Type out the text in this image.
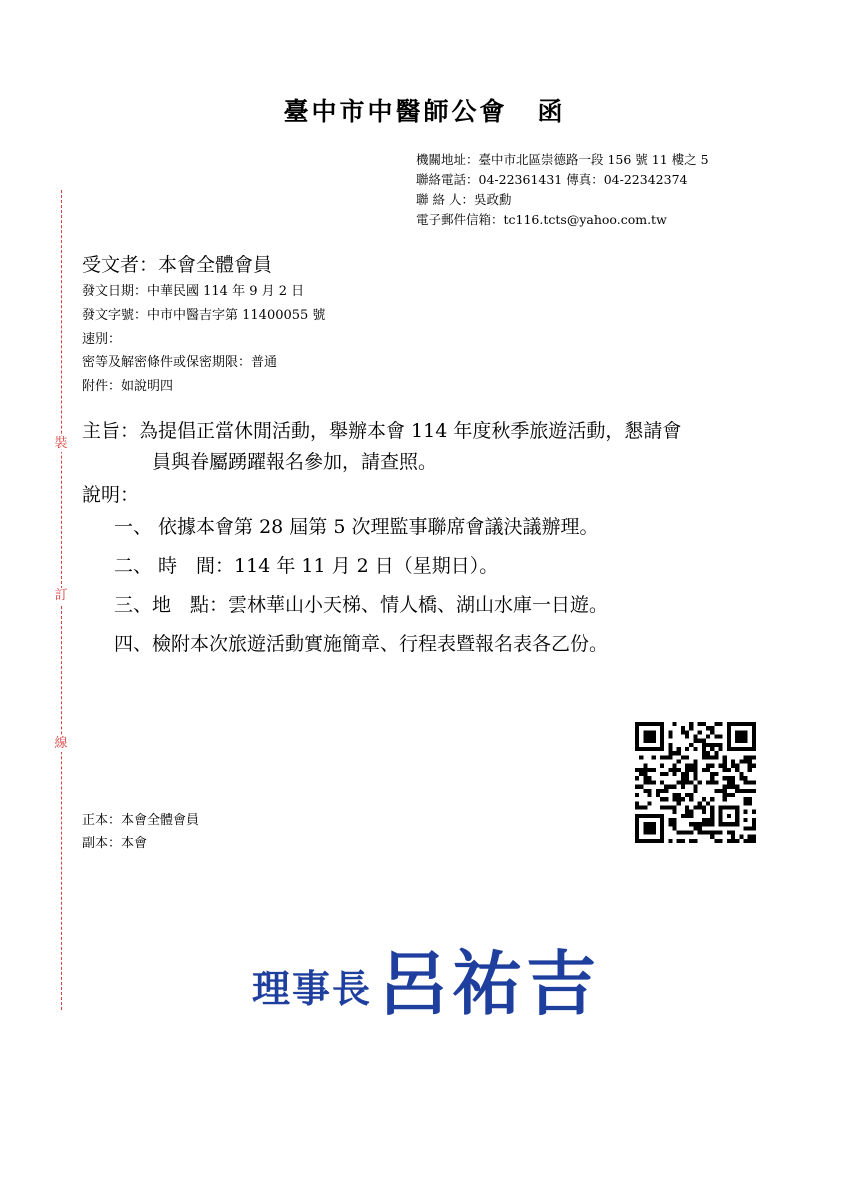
裝
訂
線
臺中市中醫師公會 函
機關地址：臺中市北區崇德路一段 156 號 11 樓之 5
聯絡電話：04-22361431 傳真：04-22342374
聯 絡 人：吳政勳
電子郵件信箱：tc116.tcts@yahoo.com.tw
受文者：本會全體會員
發文日期：中華民國 114 年 9 月 2 日
發文字號：中市中醫吉字第 11400055 號
速別：
密等及解密條件或保密期限：普通
附件：如說明四
主旨：為提倡正當休閒活動，舉辦本會 114 年度秋季旅遊活動，懇請會
員與眷屬踴躍報名參加，請查照。
說明：
一、 依據本會第 28 屆第 5 次理監事聯席會議決議辦理。
二、 時　間：114 年 11 月 2 日（星期日）。
三、地　點：雲林華山小天梯、情人橋、湖山水庫一日遊。
四、檢附本次旅遊活動實施簡章、行程表暨報名表各乙份。
正本：本會全體會員
副本：本會
理事長呂祐吉
